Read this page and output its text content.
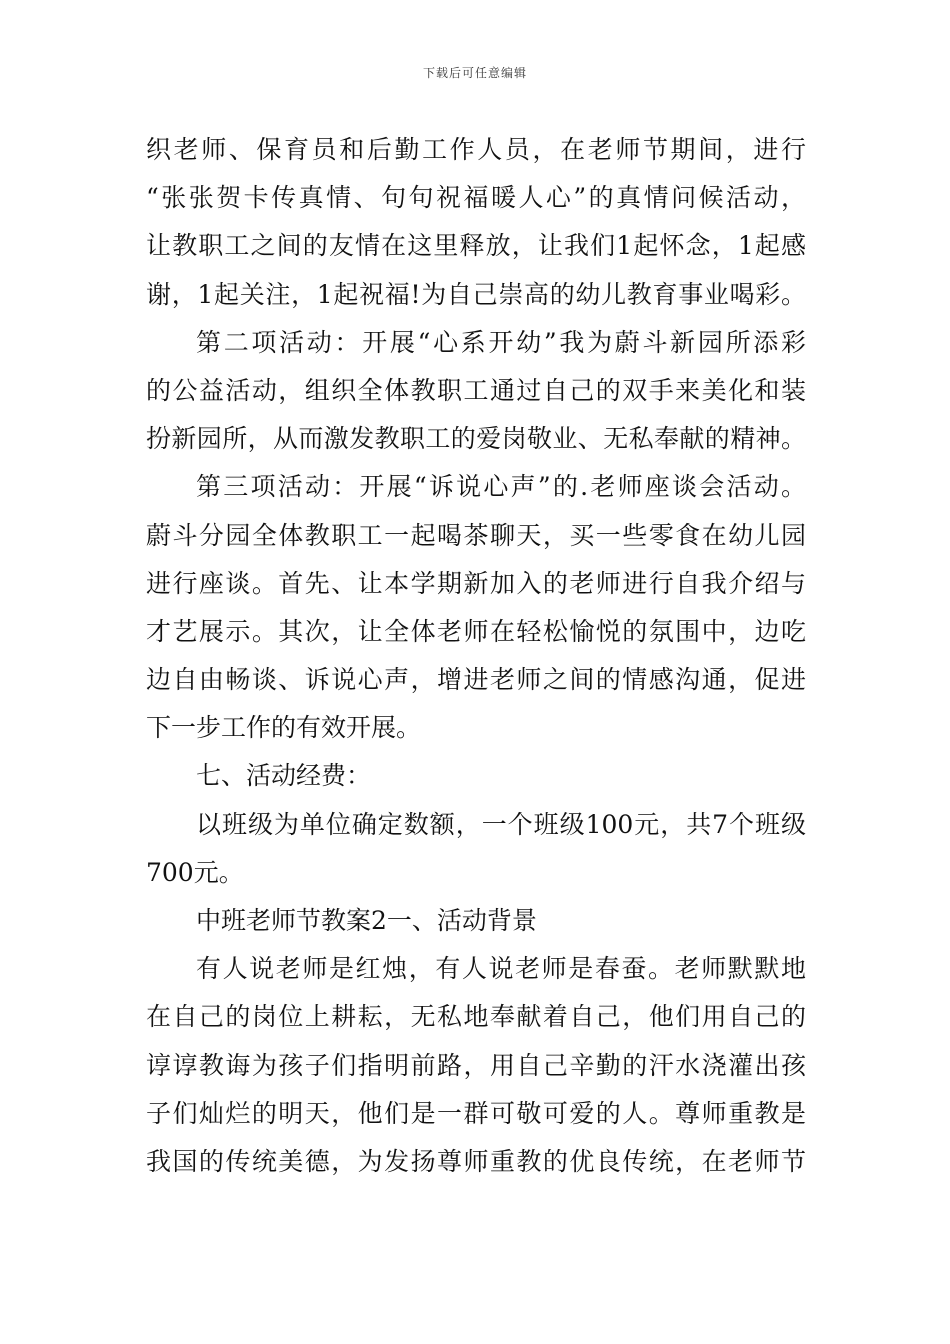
下载后可任意编辑
织老师、保育员和后勤工作人员，在老师节期间，进行
“张张贺卡传真情、句句祝福暖人心”的真情问候活动，
让教职工之间的友情在这里释放，让我们1起怀念，1起感
谢，1起关注，1起祝福!为自己崇高的幼儿教育事业喝彩。
第二项活动：开展“心系开幼”我为蔚斗新园所添彩
的公益活动，组织全体教职工通过自己的双手来美化和装
扮新园所，从而激发教职工的爱岗敬业、无私奉献的精神。
第三项活动：开展“诉说心声”的.老师座谈会活动。
蔚斗分园全体教职工一起喝茶聊天，买一些零食在幼儿园
进行座谈。首先、让本学期新加入的老师进行自我介绍与
才艺展示。其次，让全体老师在轻松愉悦的氛围中，边吃
边自由畅谈、诉说心声，增进老师之间的情感沟通，促进
下一步工作的有效开展。
七、活动经费：
以班级为单位确定数额，一个班级100元，共7个班级
700元。
中班老师节教案2一、活动背景
有人说老师是红烛，有人说老师是春蚕。老师默默地
在自己的岗位上耕耘，无私地奉献着自己，他们用自己的
谆谆教诲为孩子们指明前路，用自己辛勤的汗水浇灌出孩
子们灿烂的明天，他们是一群可敬可爱的人。尊师重教是
我国的传统美德，为发扬尊师重教的优良传统，在老师节
